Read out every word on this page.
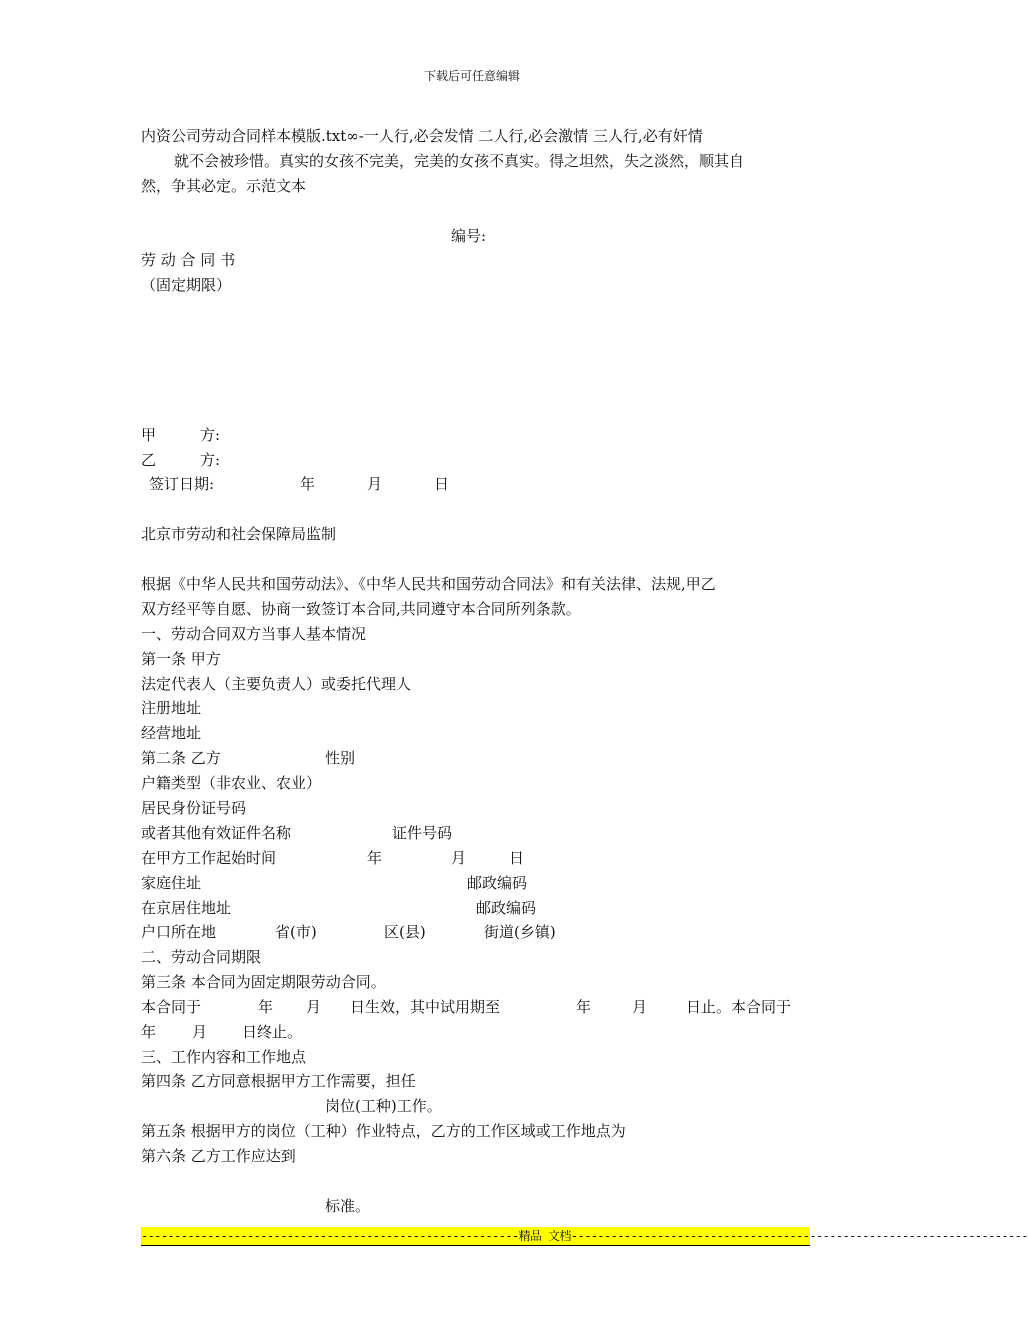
下载后可任意编辑
内资公司劳动合同样本模版.txt∞-一人行,必会发情 二人行,必会激情 三人行,必有奸情
就不会被珍惜。真实的女孩不完美，完美的女孩不真实。得之坦然，失之淡然，顺其自
然，争其必定。示范文本
编号:
劳 动 合 同 书
（固定期限）
甲	方:
乙	方:
签订日期:	年	月	日
北京市劳动和社会保障局监制
根据《中华人民共和国劳动法》、《中华人民共和国劳动合同法》和有关法律、法规,甲乙
双方经平等自愿、协商一致签订本合同,共同遵守本合同所列条款。
一、劳动合同双方当事人基本情况
第一条 甲方
法定代表人（主要负责人）或委托代理人
注册地址
经营地址
第二条 乙方	性别
户籍类型（非农业、农业）
居民身份证号码
或者其他有效证件名称	证件号码
在甲方工作起始时间	年	月	日
家庭住址	邮政编码
在京居住地址	邮政编码
户口所在地	省(市)	区(县)	街道(乡镇)
二、劳动合同期限
第三条 本合同为固定期限劳动合同。
本合同于	年 月 日生效，其中试用期至	年	月	日止。本合同于
年 月 日终止。
三、工作内容和工作地点
第四条 乙方同意根据甲方工作需要，担任
岗位(工种)工作。
第五条 根据甲方的岗位（工种）作业特点，乙方的工作区域或工作地点为
第六条 乙方工作应达到
标准。
---------------------------------------------------------精品 文档---------------------------------------------------------------------
